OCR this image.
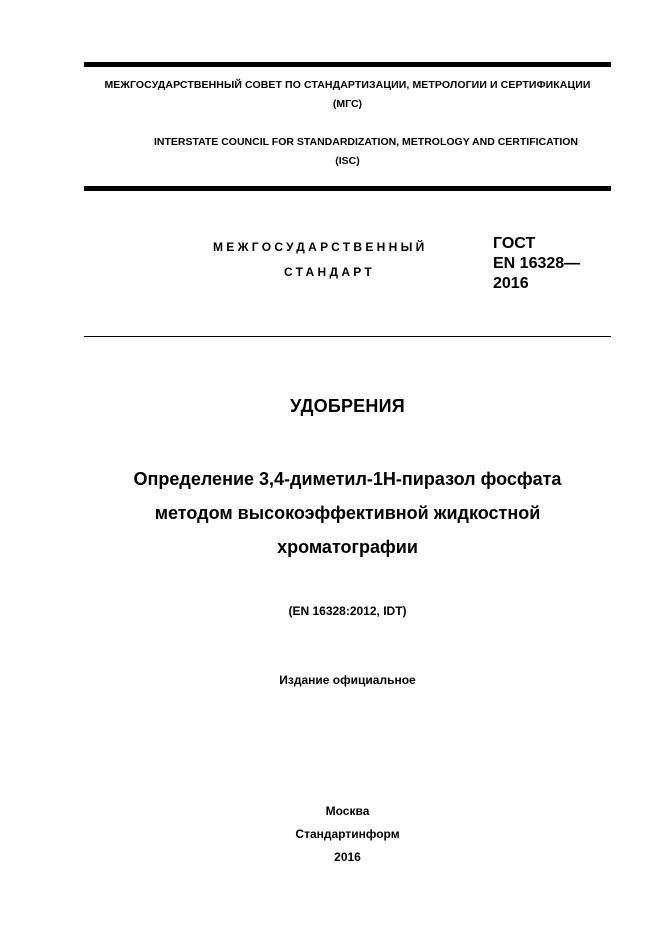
МЕЖГОСУДАРСТВЕННЫЙ СОВЕТ ПО СТАНДАРТИЗАЦИИ, МЕТРОЛОГИИ И СЕРТИФИКАЦИИ
(МГС)
INTERSTATE COUNCIL FOR STANDARDIZATION, METROLOGY AND CERTIFICATION
(ISC)
МЕЖГОСУДАРСТВЕННЫЙ
СТАНДАРТ
ГОСТ
EN 16328—
2016
УДОБРЕНИЯ
Определение 3,4-диметил-1Н-пиразол фосфата
методом высокоэффективной жидкостной
хроматографии
(EN 16328:2012, IDT)
Издание официальное
Москва
Стандартинформ
2016
